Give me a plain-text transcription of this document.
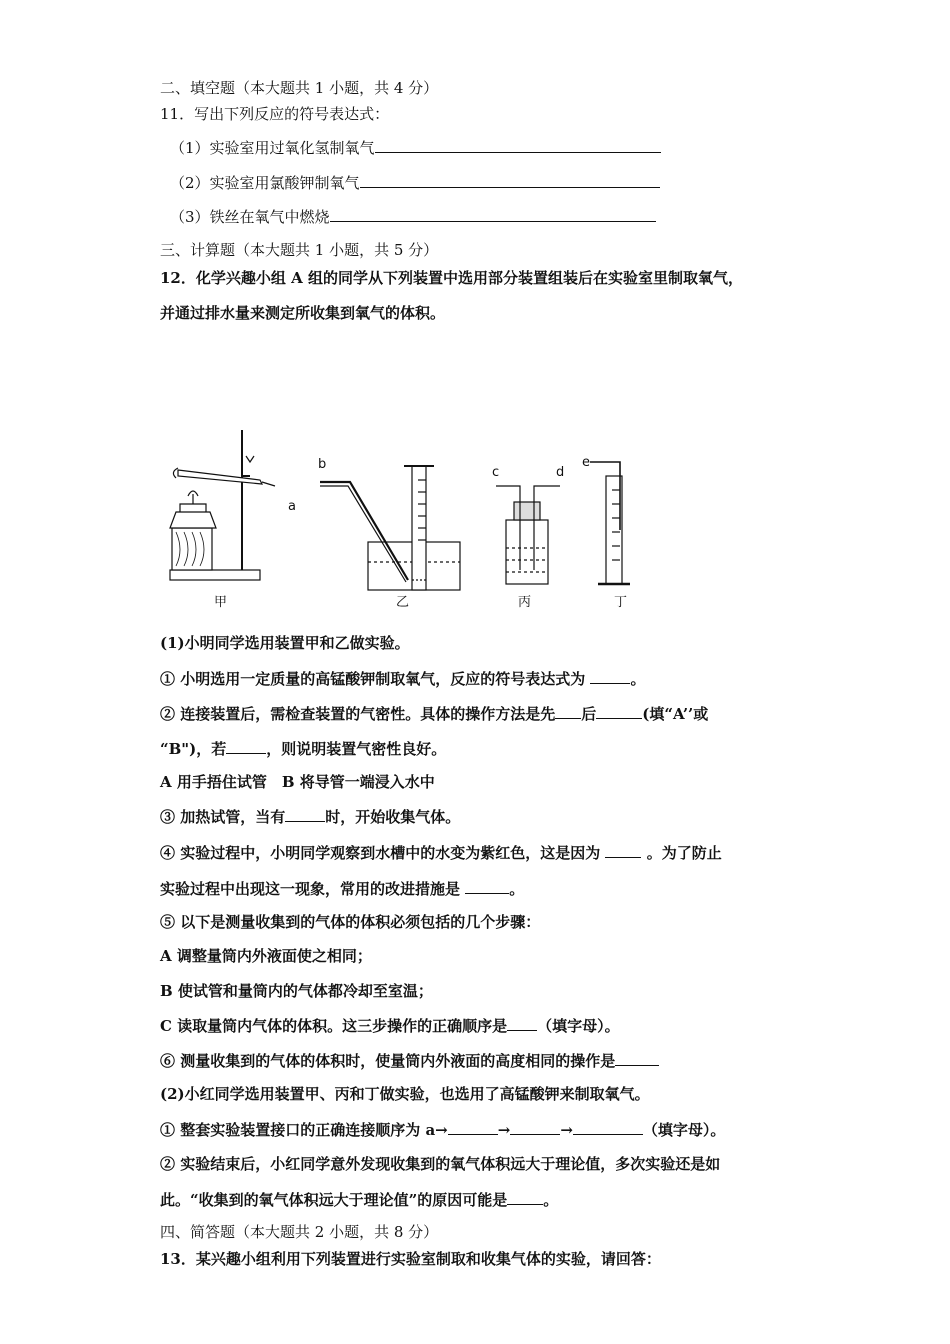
二、填空题（本大题共 1 小题，共 4 分）
11．写出下列反应的符号表达式：
（1）实验室用过氧化氢制氧气
（2）实验室用氯酸钾制氧气
（3）铁丝在氧气中燃烧
三、计算题（本大题共 1 小题，共 5 分）
12．化学兴趣小组 A 组的同学从下列装置中选用部分装置组装后在实验室里制取氧气，
并通过排水量来测定所收集到氧气的体积。
a
甲
b
乙
c	d
丙
e
丁
(1)小明同学选用装置甲和乙做实验。
① 小明选用一定质量的高锰酸钾制取氧气，反应的符号表达式为	。
② 连接装置后，需检查装置的气密性。具体的操作方法是先 后	(填“A’’或
“B")，若	，则说明装置气密性良好。
A 用手捂住试管　B 将导管一端浸入水中
③ 加热试管，当有	时，开始收集气体。
④ 实验过程中，小明同学观察到水槽中的水变为紫红色，这是因为	。为了防止
实验过程中出现这一现象，常用的改进措施是	。
⑤ 以下是测量收集到的气体的体积必须包括的几个步骤：
A 调整量筒内外液面使之相同；
B 使试管和量筒内的气体都冷却至室温；
C 读取量筒内气体的体积。这三步操作的正确顺序是 （填字母）。
⑥ 测量收集到的气体的体积时，使量筒内外液面的高度相同的操作是
(2)小红同学选用装置甲、丙和丁做实验，也选用了高锰酸钾来制取氧气。
① 整套实验装置接口的正确连接顺序为 a→	→	→	（填字母）。
② 实验结束后，小红同学意外发现收集到的氧气体积远大于理论值，多次实验还是如
此。“收集到的氧气体积远大于理论值”的原因可能是 。
四、简答题（本大题共 2 小题，共 8 分）
13．某兴趣小组利用下列装置进行实验室制取和收集气体的实验，请回答：
